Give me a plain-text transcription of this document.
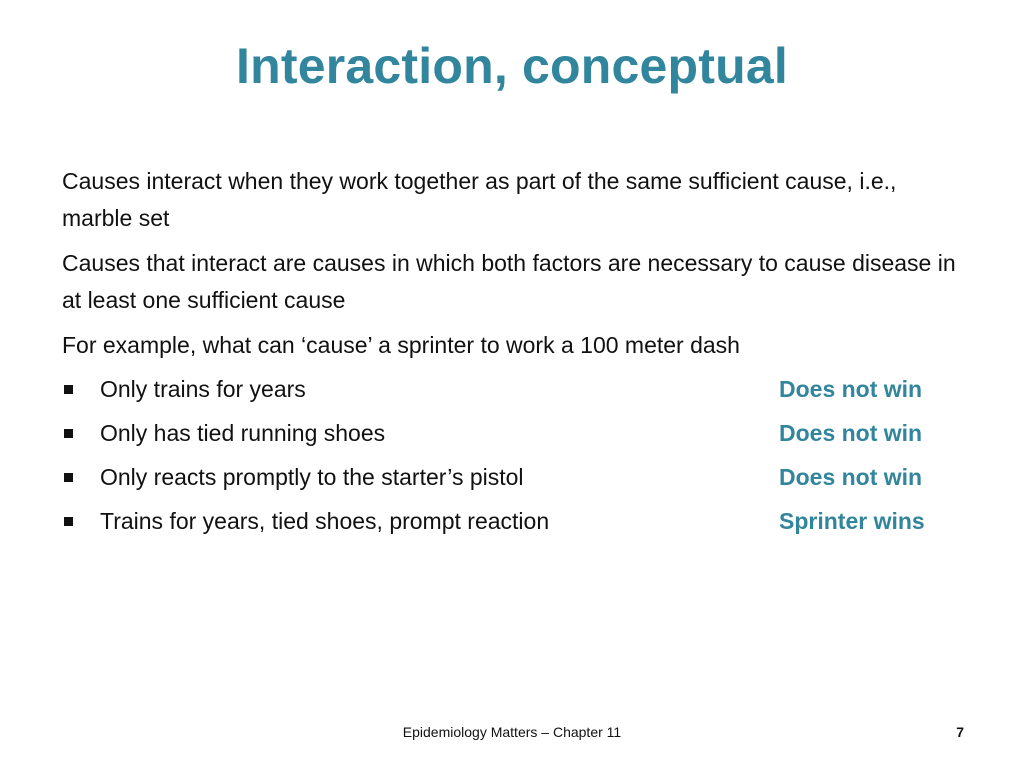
Interaction, conceptual
Causes interact when they work together as part of the same sufficient cause, i.e., marble set
Causes that interact are causes in which both factors are necessary to cause disease in at least one sufficient cause
For example, what can ‘cause’ a sprinter to work a 100 meter dash
Only trains for years	Does not win
Only has tied running shoes	Does not win
Only reacts promptly to the starter’s pistol	Does not win
Trains for years, tied shoes, prompt reaction	Sprinter wins
Epidemiology Matters – Chapter 11	7
